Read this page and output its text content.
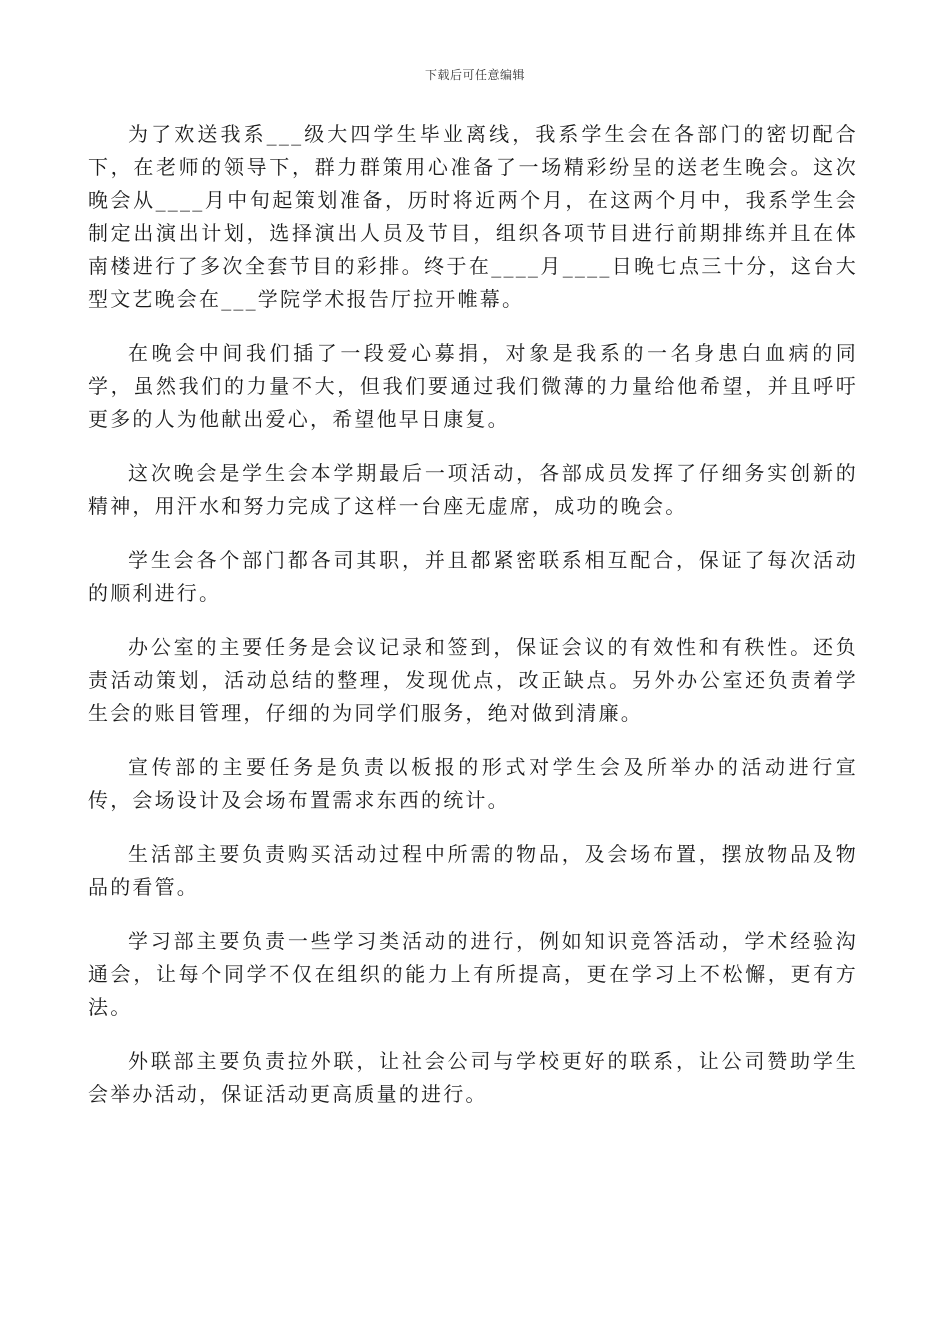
下载后可任意编辑

为了欢送我系___级大四学生毕业离线，我系学生会在各部门的密切配合下，在老师的领导下，群力群策用心准备了一场精彩纷呈的送老生晚会。这次晚会从____月中旬起策划准备，历时将近两个月，在这两个月中，我系学生会制定出演出计划，选择演出人员及节目，组织各项节目进行前期排练并且在体南楼进行了多次全套节目的彩排。终于在____月____日晚七点三十分，这台大型文艺晚会在___学院学术报告厅拉开帷幕。

在晚会中间我们插了一段爱心募捐，对象是我系的一名身患白血病的同学，虽然我们的力量不大，但我们要通过我们微薄的力量给他希望，并且呼吁更多的人为他献出爱心，希望他早日康复。

这次晚会是学生会本学期最后一项活动，各部成员发挥了仔细务实创新的精神，用汗水和努力完成了这样一台座无虚席，成功的晚会。

学生会各个部门都各司其职，并且都紧密联系相互配合，保证了每次活动的顺利进行。

办公室的主要任务是会议记录和签到，保证会议的有效性和有秩性。还负责活动策划，活动总结的整理，发现优点，改正缺点。另外办公室还负责着学生会的账目管理，仔细的为同学们服务，绝对做到清廉。

宣传部的主要任务是负责以板报的形式对学生会及所举办的活动进行宣传，会场设计及会场布置需求东西的统计。

生活部主要负责购买活动过程中所需的物品，及会场布置，摆放物品及物品的看管。

学习部主要负责一些学习类活动的进行，例如知识竞答活动，学术经验沟通会，让每个同学不仅在组织的能力上有所提高，更在学习上不松懈，更有方法。

外联部主要负责拉外联，让社会公司与学校更好的联系，让公司赞助学生会举办活动，保证活动更高质量的进行。
